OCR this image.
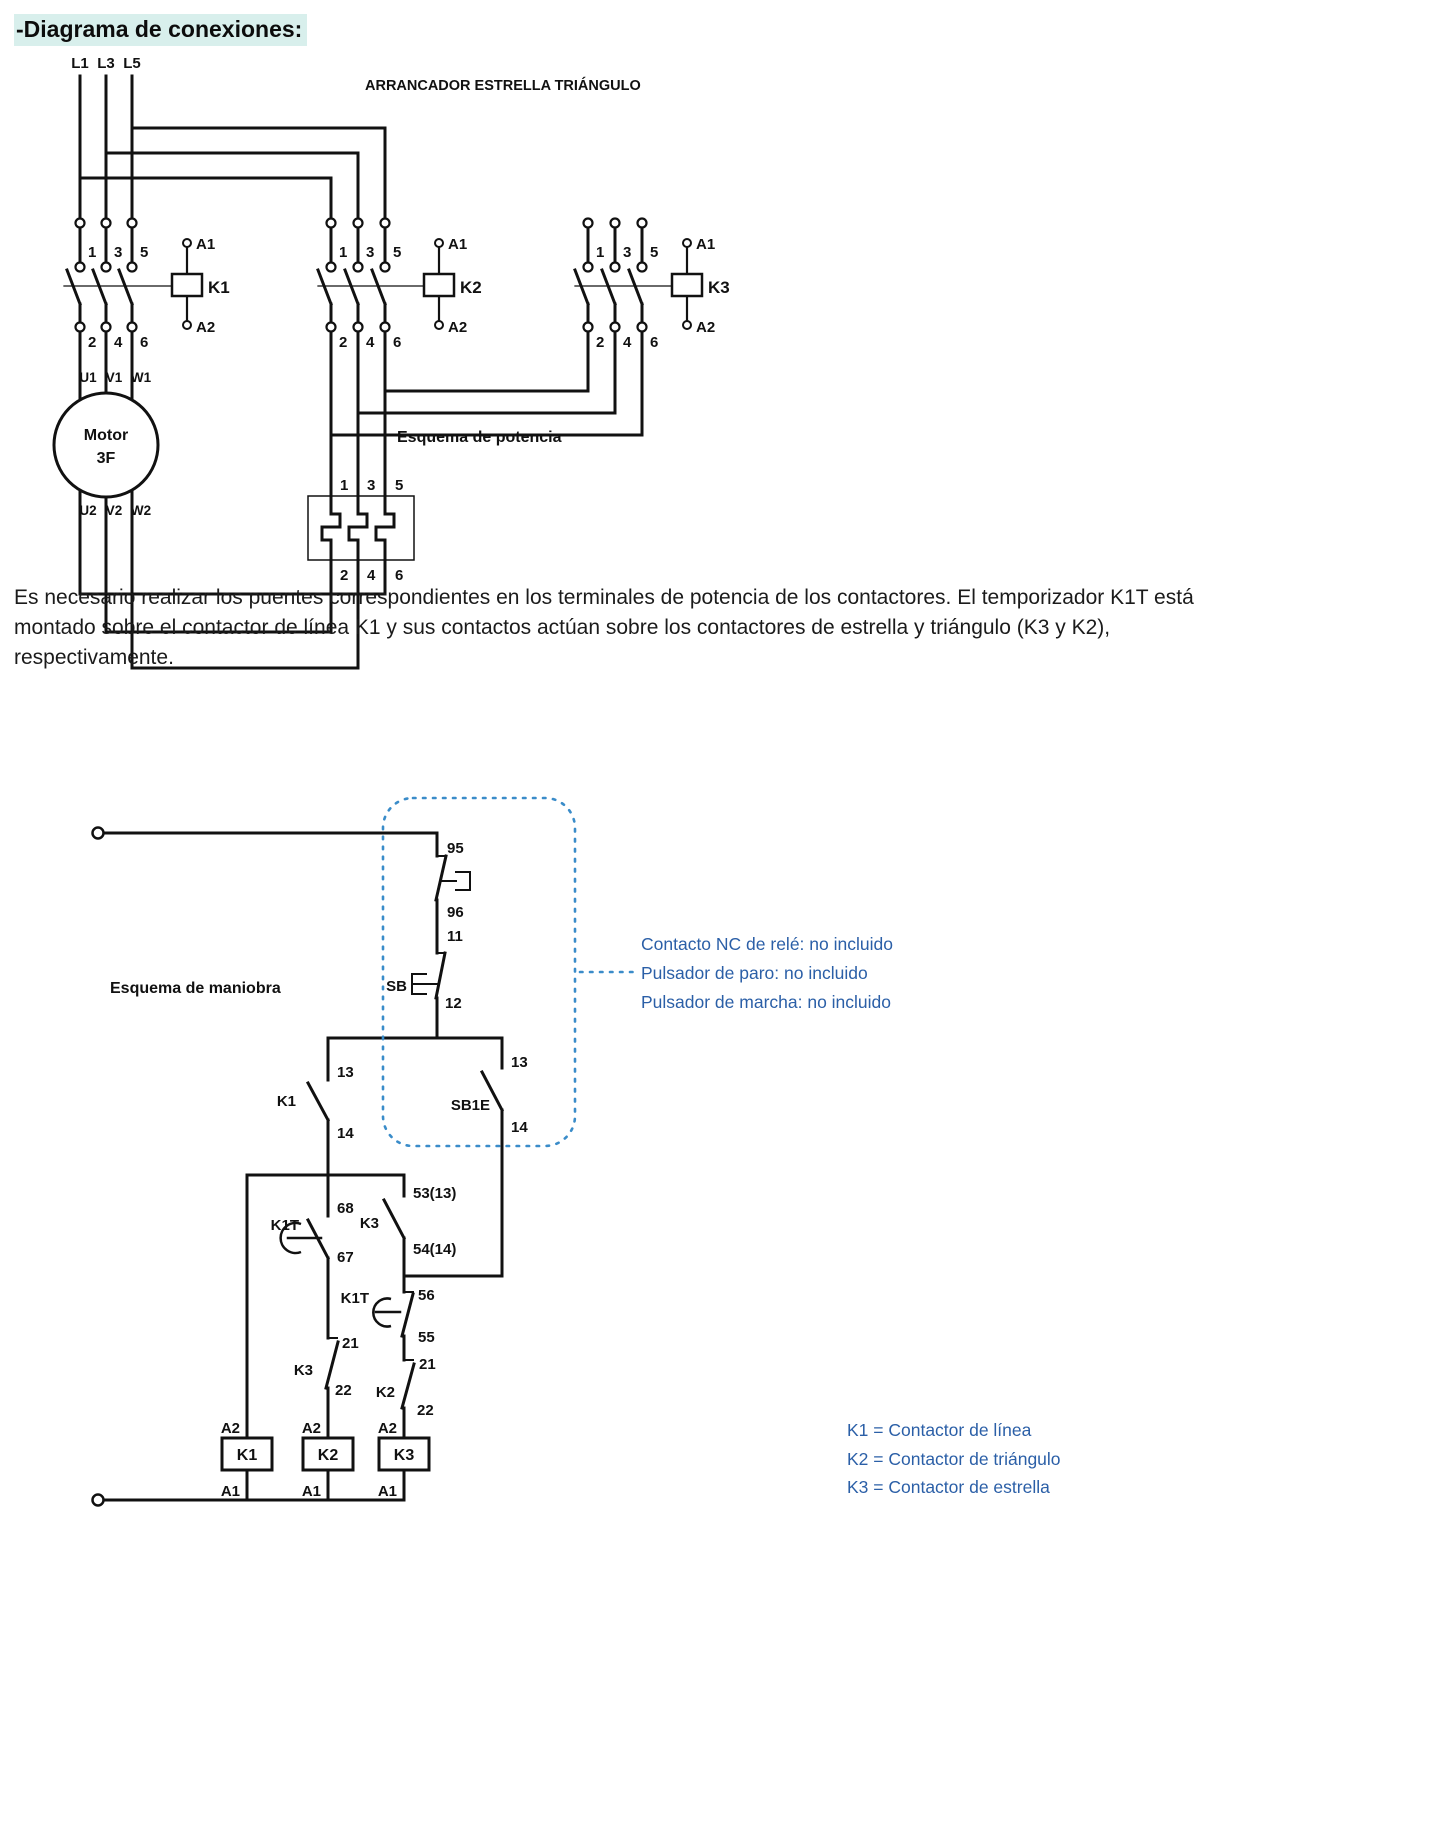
-Diagrama de conexiones:
L1 L3 L5
1 3 5
2 4 6
1 3 5
2 4 6
1 3 5
2 4 6
A1
A2
A1
A2
A1
A2
K1	K2	K3
Motor
3F
U1 V1 W1
U2 V2 W2
1 3 5
2 4 6
ARRANCADOR ESTRELLA TRIÁNGULO
Esquema de potencia
95
96
11
12
SB
13
14
K1
13
14
SB1E
68
67
K1T
53(13)
54(14)
K3
56
55
K1T
21
22
K3	21
22
K2
A2	A2	A2
A1	A1	A1
K1	K2	K3
Esquema de maniobra
Es necesario realizar los puentes correspondientes en los terminales de potencia de los contactores. El temporizador K1T está montado sobre el contactor de línea K1 y sus contactos actúan sobre los contactores de estrella y triángulo (K3 y K2), respectivamente.
Contacto NC de relé: no incluido
Pulsador de paro: no incluido
Pulsador de marcha: no incluido
K1 = Contactor de línea
K2 = Contactor de triángulo
K3 = Contactor de estrella
